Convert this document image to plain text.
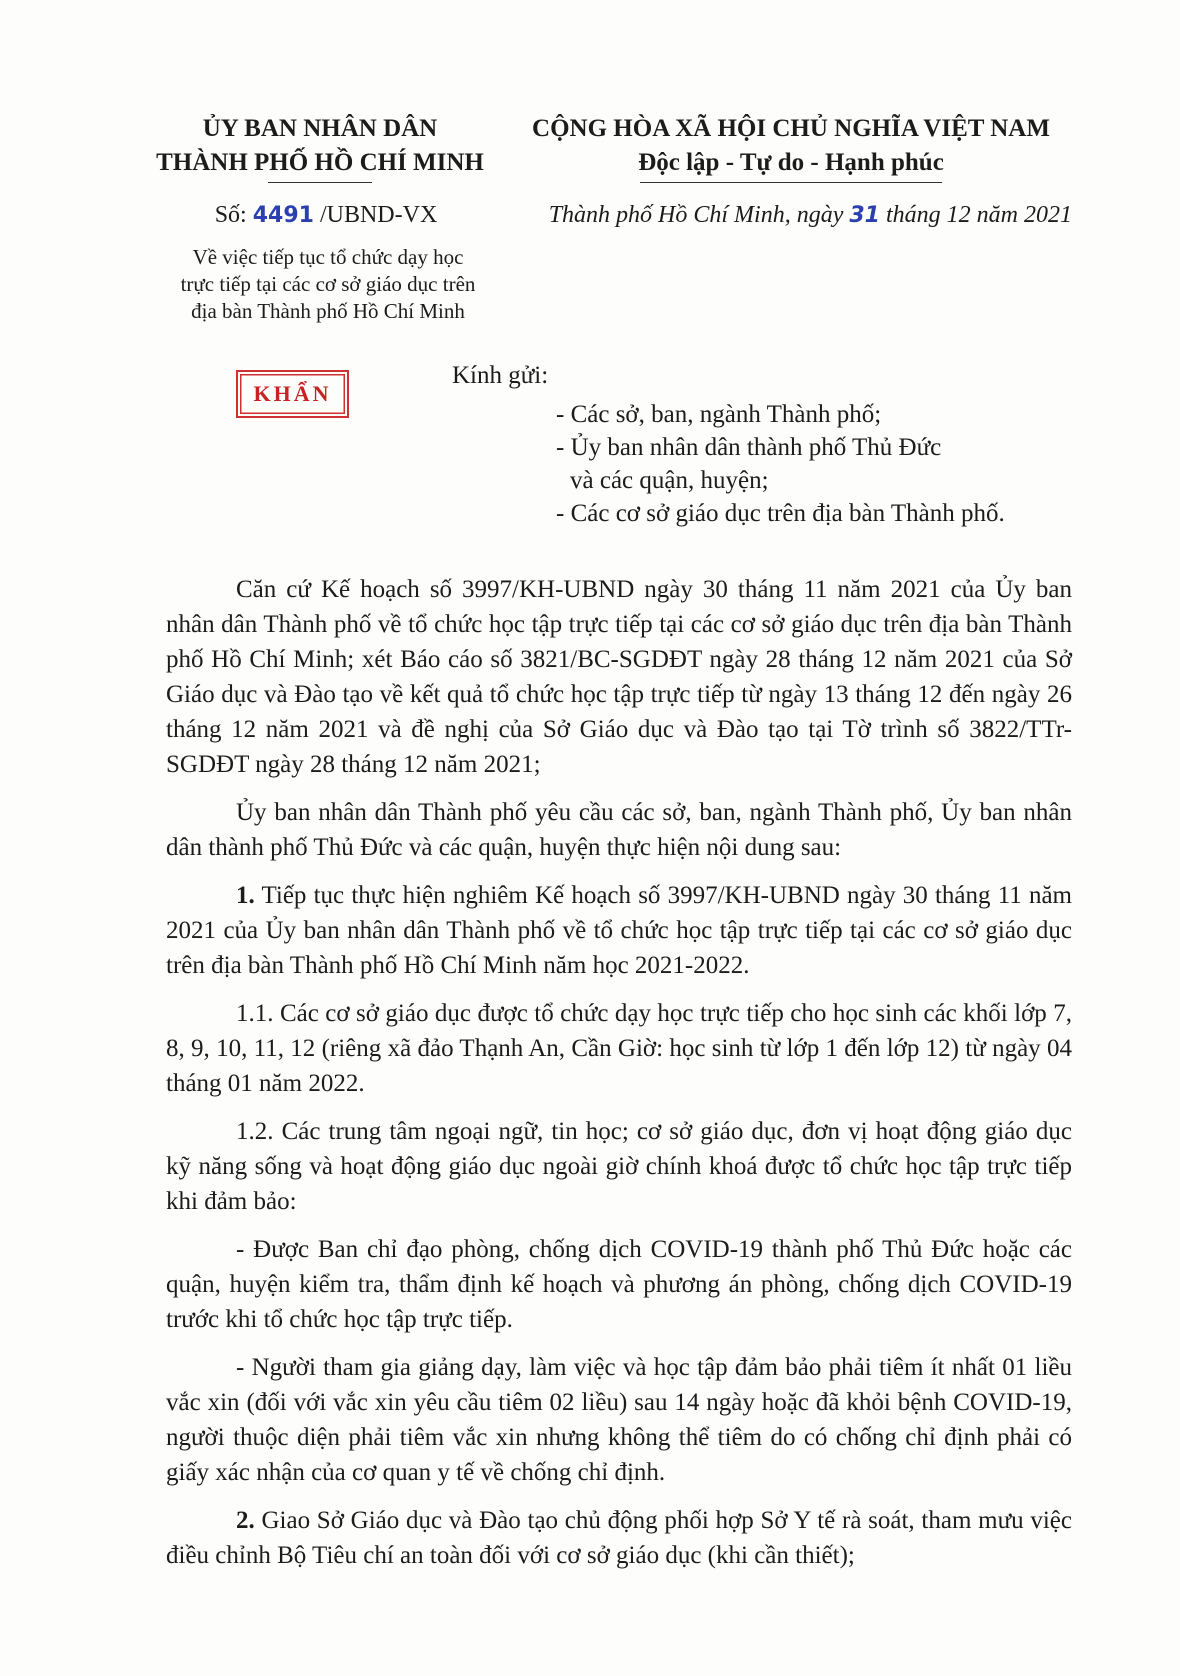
ỦY BAN NHÂN DÂN
THÀNH PHỐ HỒ CHÍ MINH
CỘNG HÒA XÃ HỘI CHỦ NGHĨA VIỆT NAM
Độc lập - Tự do - Hạnh phúc
Số: 4491 /UBND-VX	Thành phố Hồ Chí Minh, ngày 31 tháng 12 năm 2021
Về việc tiếp tục tổ chức dạy học
trực tiếp tại các cơ sở giáo dục trên
địa bàn Thành phố Hồ Chí Minh
KHẨN
Kính gửi:
- Các sở, ban, ngành Thành phố;
- Ủy ban nhân dân thành phố Thủ Đức
và các quận, huyện;
- Các cơ sở giáo dục trên địa bàn Thành phố.

Căn cứ Kế hoạch số 3997/KH-UBND ngày 30 tháng 11 năm 2021 của Ủy ban nhân dân Thành phố về tổ chức học tập trực tiếp tại các cơ sở giáo dục trên địa bàn Thành phố Hồ Chí Minh; xét Báo cáo số 3821/BC-SGDĐT ngày 28 tháng 12 năm 2021 của Sở Giáo dục và Đào tạo về kết quả tổ chức học tập trực tiếp từ ngày 13 tháng 12 đến ngày 26 tháng 12 năm 2021 và đề nghị của Sở Giáo dục và Đào tạo tại Tờ trình số 3822/TTr-SGDĐT ngày 28 tháng 12 năm 2021;

Ủy ban nhân dân Thành phố yêu cầu các sở, ban, ngành Thành phố, Ủy ban nhân dân thành phố Thủ Đức và các quận, huyện thực hiện nội dung sau:

1. Tiếp tục thực hiện nghiêm Kế hoạch số 3997/KH-UBND ngày 30 tháng 11 năm 2021 của Ủy ban nhân dân Thành phố về tổ chức học tập trực tiếp tại các cơ sở giáo dục trên địa bàn Thành phố Hồ Chí Minh năm học 2021-2022.

1.1. Các cơ sở giáo dục được tổ chức dạy học trực tiếp cho học sinh các khối lớp 7, 8, 9, 10, 11, 12 (riêng xã đảo Thạnh An, Cần Giờ: học sinh từ lớp 1 đến lớp 12) từ ngày 04 tháng 01 năm 2022.

1.2. Các trung tâm ngoại ngữ, tin học; cơ sở giáo dục, đơn vị hoạt động giáo dục kỹ năng sống và hoạt động giáo dục ngoài giờ chính khoá được tổ chức học tập trực tiếp khi đảm bảo:

- Được Ban chỉ đạo phòng, chống dịch COVID-19 thành phố Thủ Đức hoặc các quận, huyện kiểm tra, thẩm định kế hoạch và phương án phòng, chống dịch COVID-19 trước khi tổ chức học tập trực tiếp.

- Người tham gia giảng dạy, làm việc và học tập đảm bảo phải tiêm ít nhất 01 liều vắc xin (đối với vắc xin yêu cầu tiêm 02 liều) sau 14 ngày hoặc đã khỏi bệnh COVID-19, người thuộc diện phải tiêm vắc xin nhưng không thể tiêm do có chống chỉ định phải có giấy xác nhận của cơ quan y tế về chống chỉ định.

2. Giao Sở Giáo dục và Đào tạo chủ động phối hợp Sở Y tế rà soát, tham mưu việc điều chỉnh Bộ Tiêu chí an toàn đối với cơ sở giáo dục (khi cần thiết);
